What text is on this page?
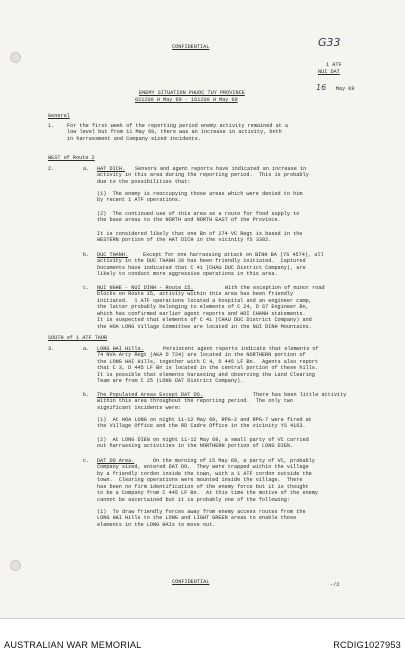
CONFIDENTIAL	G33
1 ATF
NUI DAT
16 May 69
ENEMY SITUATION PHUOC TUY PROVINCE
021200 H May 69 - 161200 H May 69
General
1. For the first week of the reporting period enemy activity remained at a
low level but from 11 May 69, there was an increase in activity, both
in harrassment and Company sized incidents.
WEST of Route 2
2.	a. HAT DICH.	Sensors and agent reports have indicated an increase in
activity in this area during the reporting period.  This is probably
due to the possibilities that:
(1)  The enemy is reoccupying those areas which were denied to him
by recent 1 ATF operations.
(2)  The continued use of this area as a route for food supply to
the base areas to the NORTH and NORTH EAST of the Province.
It is considered likely that one Bn of 274 VC Regt is based in the
WESTERN portion of the HAT DICH in the vicinity YS 3382.
b. DUC THANH.	Except for one harrassing attack on BINH BA (YS 4574), all
activity in the DUC THANH 20 has been friendly initiated.  Captured
Documents have indicated that C 41 (CHAU DUC District Company), are
likely to conduct more aggressive operations in this area.
c. NUI NGHE - NUI DINH - Route 15.	With the exception of minor road
blocks on Route 15, activity within this area has been friendly
initiated.  1 ATF operations located a hospital and an engineer camp,
the latter probably belonging to elements of C 24, D 67 Engineer Bn,
which has confirmed earlier agent reports and HOI CHANH statements.
It is suspected that elements of C 41 (CHAU DUC District Company) and
the HOA LONG Village Committee are located in the NUI DINH Mountains.
SOUTH of 1 ATF TAOR
3.	a. LONG HAI Hills.	Persistent agent reports indicate that elements of
74 NVA Arty Regt (AKA D 724) are located in the NORTHERN portion of
the LONG HAI Hills, together with C 4, D 445 LF Bn.  Agents also report
that C 3, D 445 LF Bn is located in the central portion of these hills.
It is possible that elements harassing and observing the Land Clearing
Team are from C 25 (LONG DAT District Company).
b. The Populated Areas Except DAT DO.	There has been little activity
within this area throughout the reporting period.  The only two
significant incidents were:
(1)  At HOA LONG on night 11-12 May 69, RPG-2 and RPG-7 were fired at
the Village Office and the RD Cadre Office in the vicinity YS 4163.
(2)  At LONG DIEN on night 11-12 May 69, a small party of VC carried
out harrassing activities in the NORTHERN portion of LONG DIEN.
c. DAT DO Area.	On the morning of 15 May 69, a party of VC, probably
Company sized, entered DAT DO.  They were trapped within the village
by a friendly cordon inside the town, with a 1 ATF cordon outside the
town.  Clearing operations were mounted inside the village.  There
has been no firm identification of the enemy force but it is thought
to be a Company from C 445 LF Bn.  At this time the motive of the enemy
cannot be ascertained but it is probably one of the following:
(1)  To draw friendly forces away from enemy access routes from the
LONG HAI Hills to the LONG and LIGHT GREEN areas to enable those
elements in the LONG HAIs to move out.
CONFIDENTIAL	-/2
AUSTRALIAN WAR MEMORIAL	RCDIG1027953
